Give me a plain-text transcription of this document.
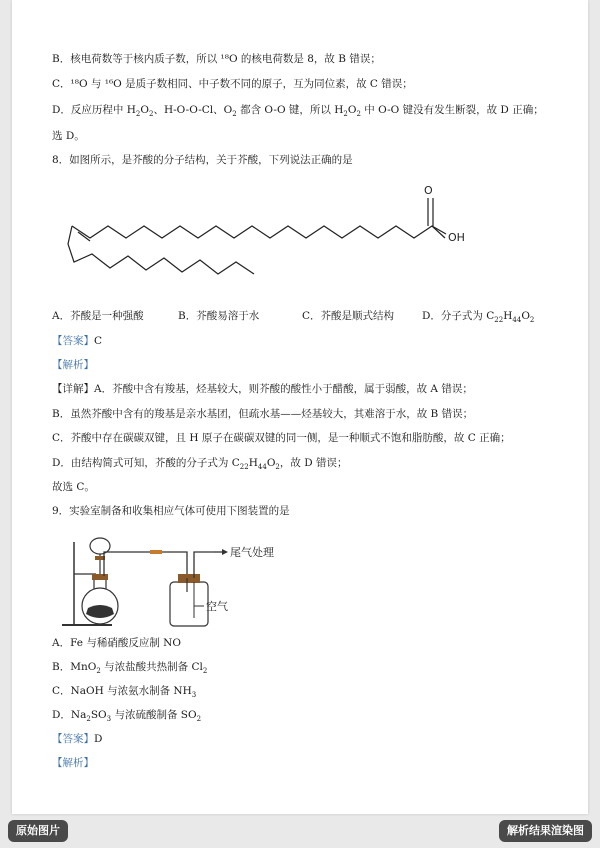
B．核电荷数等于核内质子数，所以 ¹⁸O 的核电荷数是 8，故 B 错误；
C．¹⁸O 与 ¹⁶O 是质子数相同、中子数不同的原子，互为同位素，故 C 错误；
D．反应历程中 $H_2O_2$、H-O-O-Cl、$O_2$ 都含 O-O 键，所以 $H_2O_2$ 中 O-O 键没有发生断裂，故 D 正确；
选 D。
8．如图所示，是芥酸的分子结构，关于芥酸，下列说法正确的是
O
OH
A．芥酸是一种强酸	B．芥酸易溶于水	C．芥酸是顺式结构	D．分子式为 $C_{22}H_{44}O_2$
【答案】C
【解析】
【详解】A．芥酸中含有羧基，烃基较大，则芥酸的酸性小于醋酸，属于弱酸，故 A 错误；
B．虽然芥酸中含有的羧基是亲水基团，但疏水基——烃基较大，其难溶于水，故 B 错误；
C．芥酸中存在碳碳双键，且 H 原子在碳碳双键的同一侧，是一种顺式不饱和脂肪酸，故 C 正确；
D．由结构简式可知，芥酸的分子式为 $C_{22}H_{44}O_2$，故 D 错误；
故选 C。
9．实验室制备和收集相应气体可使用下图装置的是
尾气处理
空气
A．Fe 与稀硝酸反应制 NO
B．MnO$_2$ 与浓盐酸共热制备 $Cl_2$
C．NaOH 与浓氨水制备 $NH_3$
D．$Na_2SO_3$ 与浓硫酸制备 $SO_2$
【答案】D
【解析】
原始图片	解析结果渲染图
